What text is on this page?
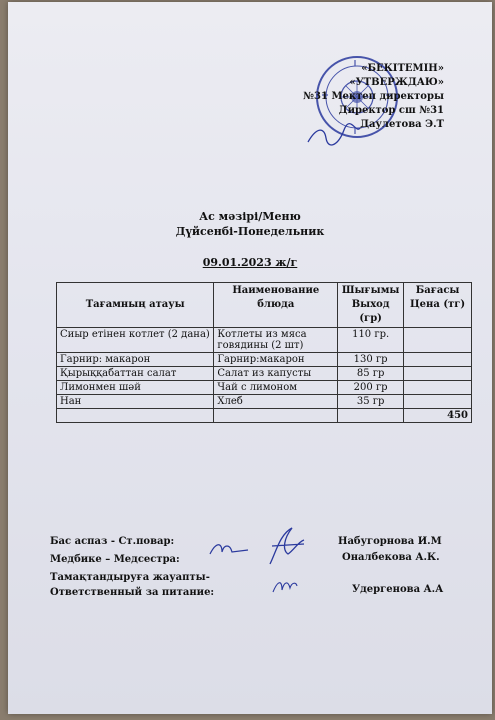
«БЕКІТЕМІН»
«УТВЕРЖДАЮ»
№31 Мектеп директоры
Директор сш №31
Даулетова Э.Т
Ас мәзірі/Меню
Дүйсенбі-Понедельник
09.01.2023 ж/г
Тағамның атауы	Наименование блюда	Шығымы Выход (гр)	Бағасы Цена (тг)
Сиыр етінен котлет (2 дана)	Котлеты из мяса говядины (2 шт)	110 гр.	
Гарнир: макарон	Гарнир:макарон	130 гр	
Қырыққабаттан салат	Салат из капусты	85 гр	
Лимонмен шәй	Чай с лимоном	200 гр	
Нан	Хлеб	35 гр	
			450
Бас аспаз - Ст.повар:	Набугорнова И.М
Медбике – Медсестра:	Оналбекова А.К.
Тамақтандыруға жауапты-
Ответственный за питание:	Удергенова А.А
